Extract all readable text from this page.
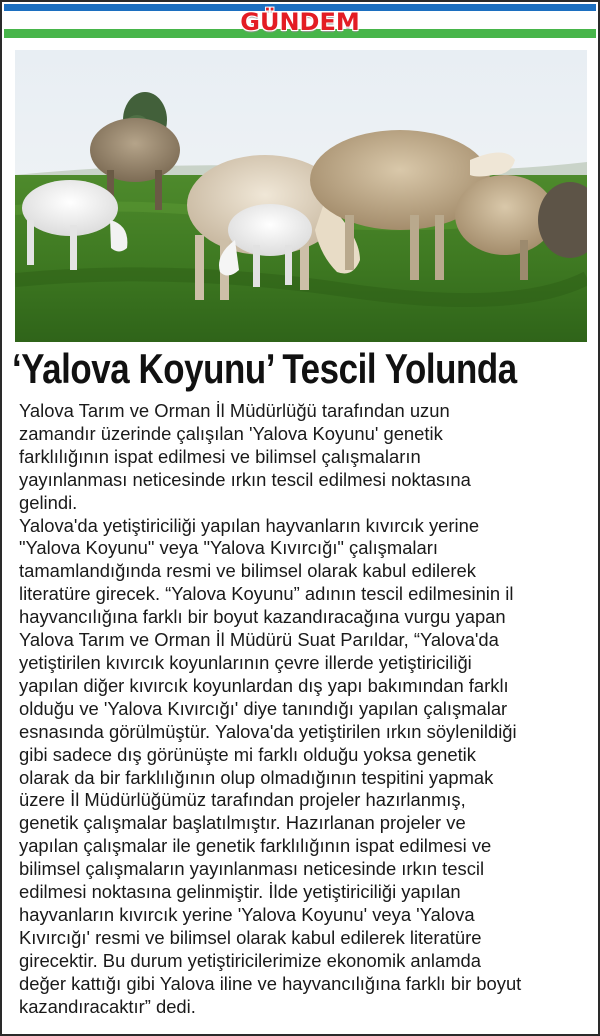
GÜNDEM
‘Yalova Koyunu’ Tescil Yolunda
Yalova Tarım ve Orman İl Müdürlüğü tarafından uzun
zamandır üzerinde çalışılan 'Yalova Koyunu' genetik
farklılığının ispat edilmesi ve bilimsel çalışmaların
yayınlanması neticesinde ırkın tescil edilmesi noktasına
gelindi.
Yalova'da yetiştiriciliği yapılan hayvanların kıvırcık yerine
"Yalova Koyunu" veya "Yalova Kıvırcığı" çalışmaları
tamamlandığında resmi ve bilimsel olarak kabul edilerek
literatüre girecek. “Yalova Koyunu” adının tescil edilmesinin il
hayvancılığına farklı bir boyut kazandıracağına vurgu yapan
Yalova Tarım ve Orman İl Müdürü Suat Parıldar, “Yalova'da
yetiştirilen kıvırcık koyunlarının çevre illerde yetiştiriciliği
yapılan diğer kıvırcık koyunlardan dış yapı bakımından farklı
olduğu ve 'Yalova Kıvırcığı' diye tanındığı yapılan çalışmalar
esnasında görülmüştür. Yalova'da yetiştirilen ırkın söylenildiği
gibi sadece dış görünüşte mi farklı olduğu yoksa genetik
olarak da bir farklılığının olup olmadığının tespitini yapmak
üzere İl Müdürlüğümüz tarafından projeler hazırlanmış,
genetik çalışmalar başlatılmıştır. Hazırlanan projeler ve
yapılan çalışmalar ile genetik farklılığının ispat edilmesi ve
bilimsel çalışmaların yayınlanması neticesinde ırkın tescil
edilmesi noktasına gelinmiştir. İlde yetiştiriciliği yapılan
hayvanların kıvırcık yerine 'Yalova Koyunu' veya 'Yalova
Kıvırcığı' resmi ve bilimsel olarak kabul edilerek literatüre
girecektir. Bu durum yetiştiricilerimize ekonomik anlamda
değer kattığı gibi Yalova iline ve hayvancılığına farklı bir boyut
kazandıracaktır” dedi.
